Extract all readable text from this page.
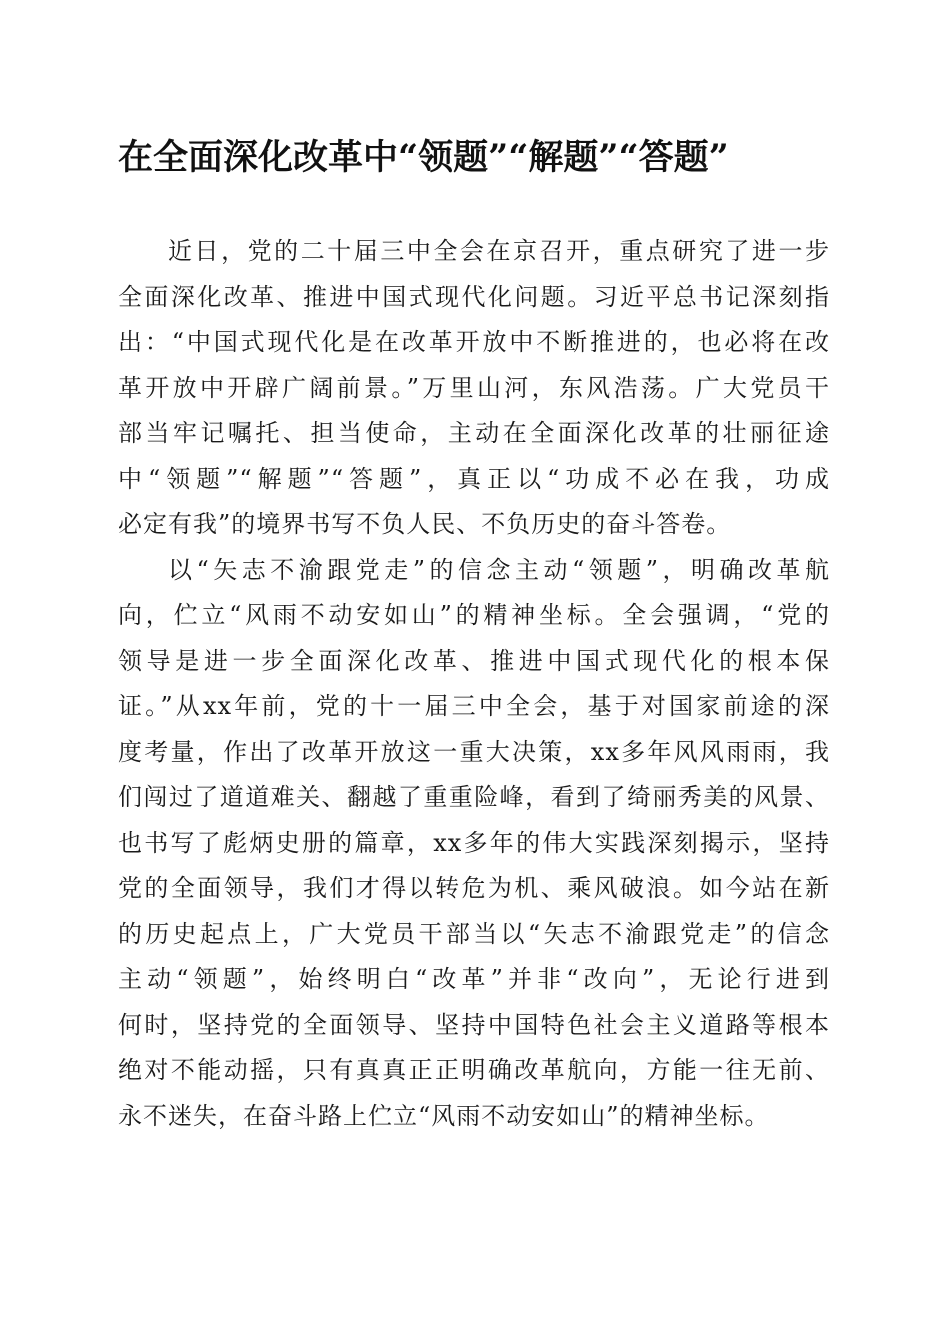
在全面深化改革中“领题”“解题”“答题”
近日，党的二十届三中全会在京召开，重点研究了进一步
全面深化改革、推进中国式现代化问题。习近平总书记深刻指
出：“中国式现代化是在改革开放中不断推进的，也必将在改
革开放中开辟广阔前景。”万里山河，东风浩荡。广大党员干
部当牢记嘱托、担当使命，主动在全面深化改革的壮丽征途
中“领题”“解题”“答题”，真正以“功成不必在我，功成
必定有我”的境界书写不负人民、不负历史的奋斗答卷。
以“矢志不渝跟党走”的信念主动“领题”，明确改革航
向，伫立“风雨不动安如山”的精神坐标。全会强调，“党的
领导是进一步全面深化改革、推进中国式现代化的根本保
证。”从xx年前，党的十一届三中全会，基于对国家前途的深
度考量，作出了改革开放这一重大决策，xx多年风风雨雨，我
们闯过了道道难关、翻越了重重险峰，看到了绮丽秀美的风景、
也书写了彪炳史册的篇章，xx多年的伟大实践深刻揭示，坚持
党的全面领导，我们才得以转危为机、乘风破浪。如今站在新
的历史起点上，广大党员干部当以“矢志不渝跟党走”的信念
主动“领题”，始终明白“改革”并非“改向”，无论行进到
何时，坚持党的全面领导、坚持中国特色社会主义道路等根本
绝对不能动摇，只有真真正正明确改革航向，方能一往无前、
永不迷失，在奋斗路上伫立“风雨不动安如山”的精神坐标。
